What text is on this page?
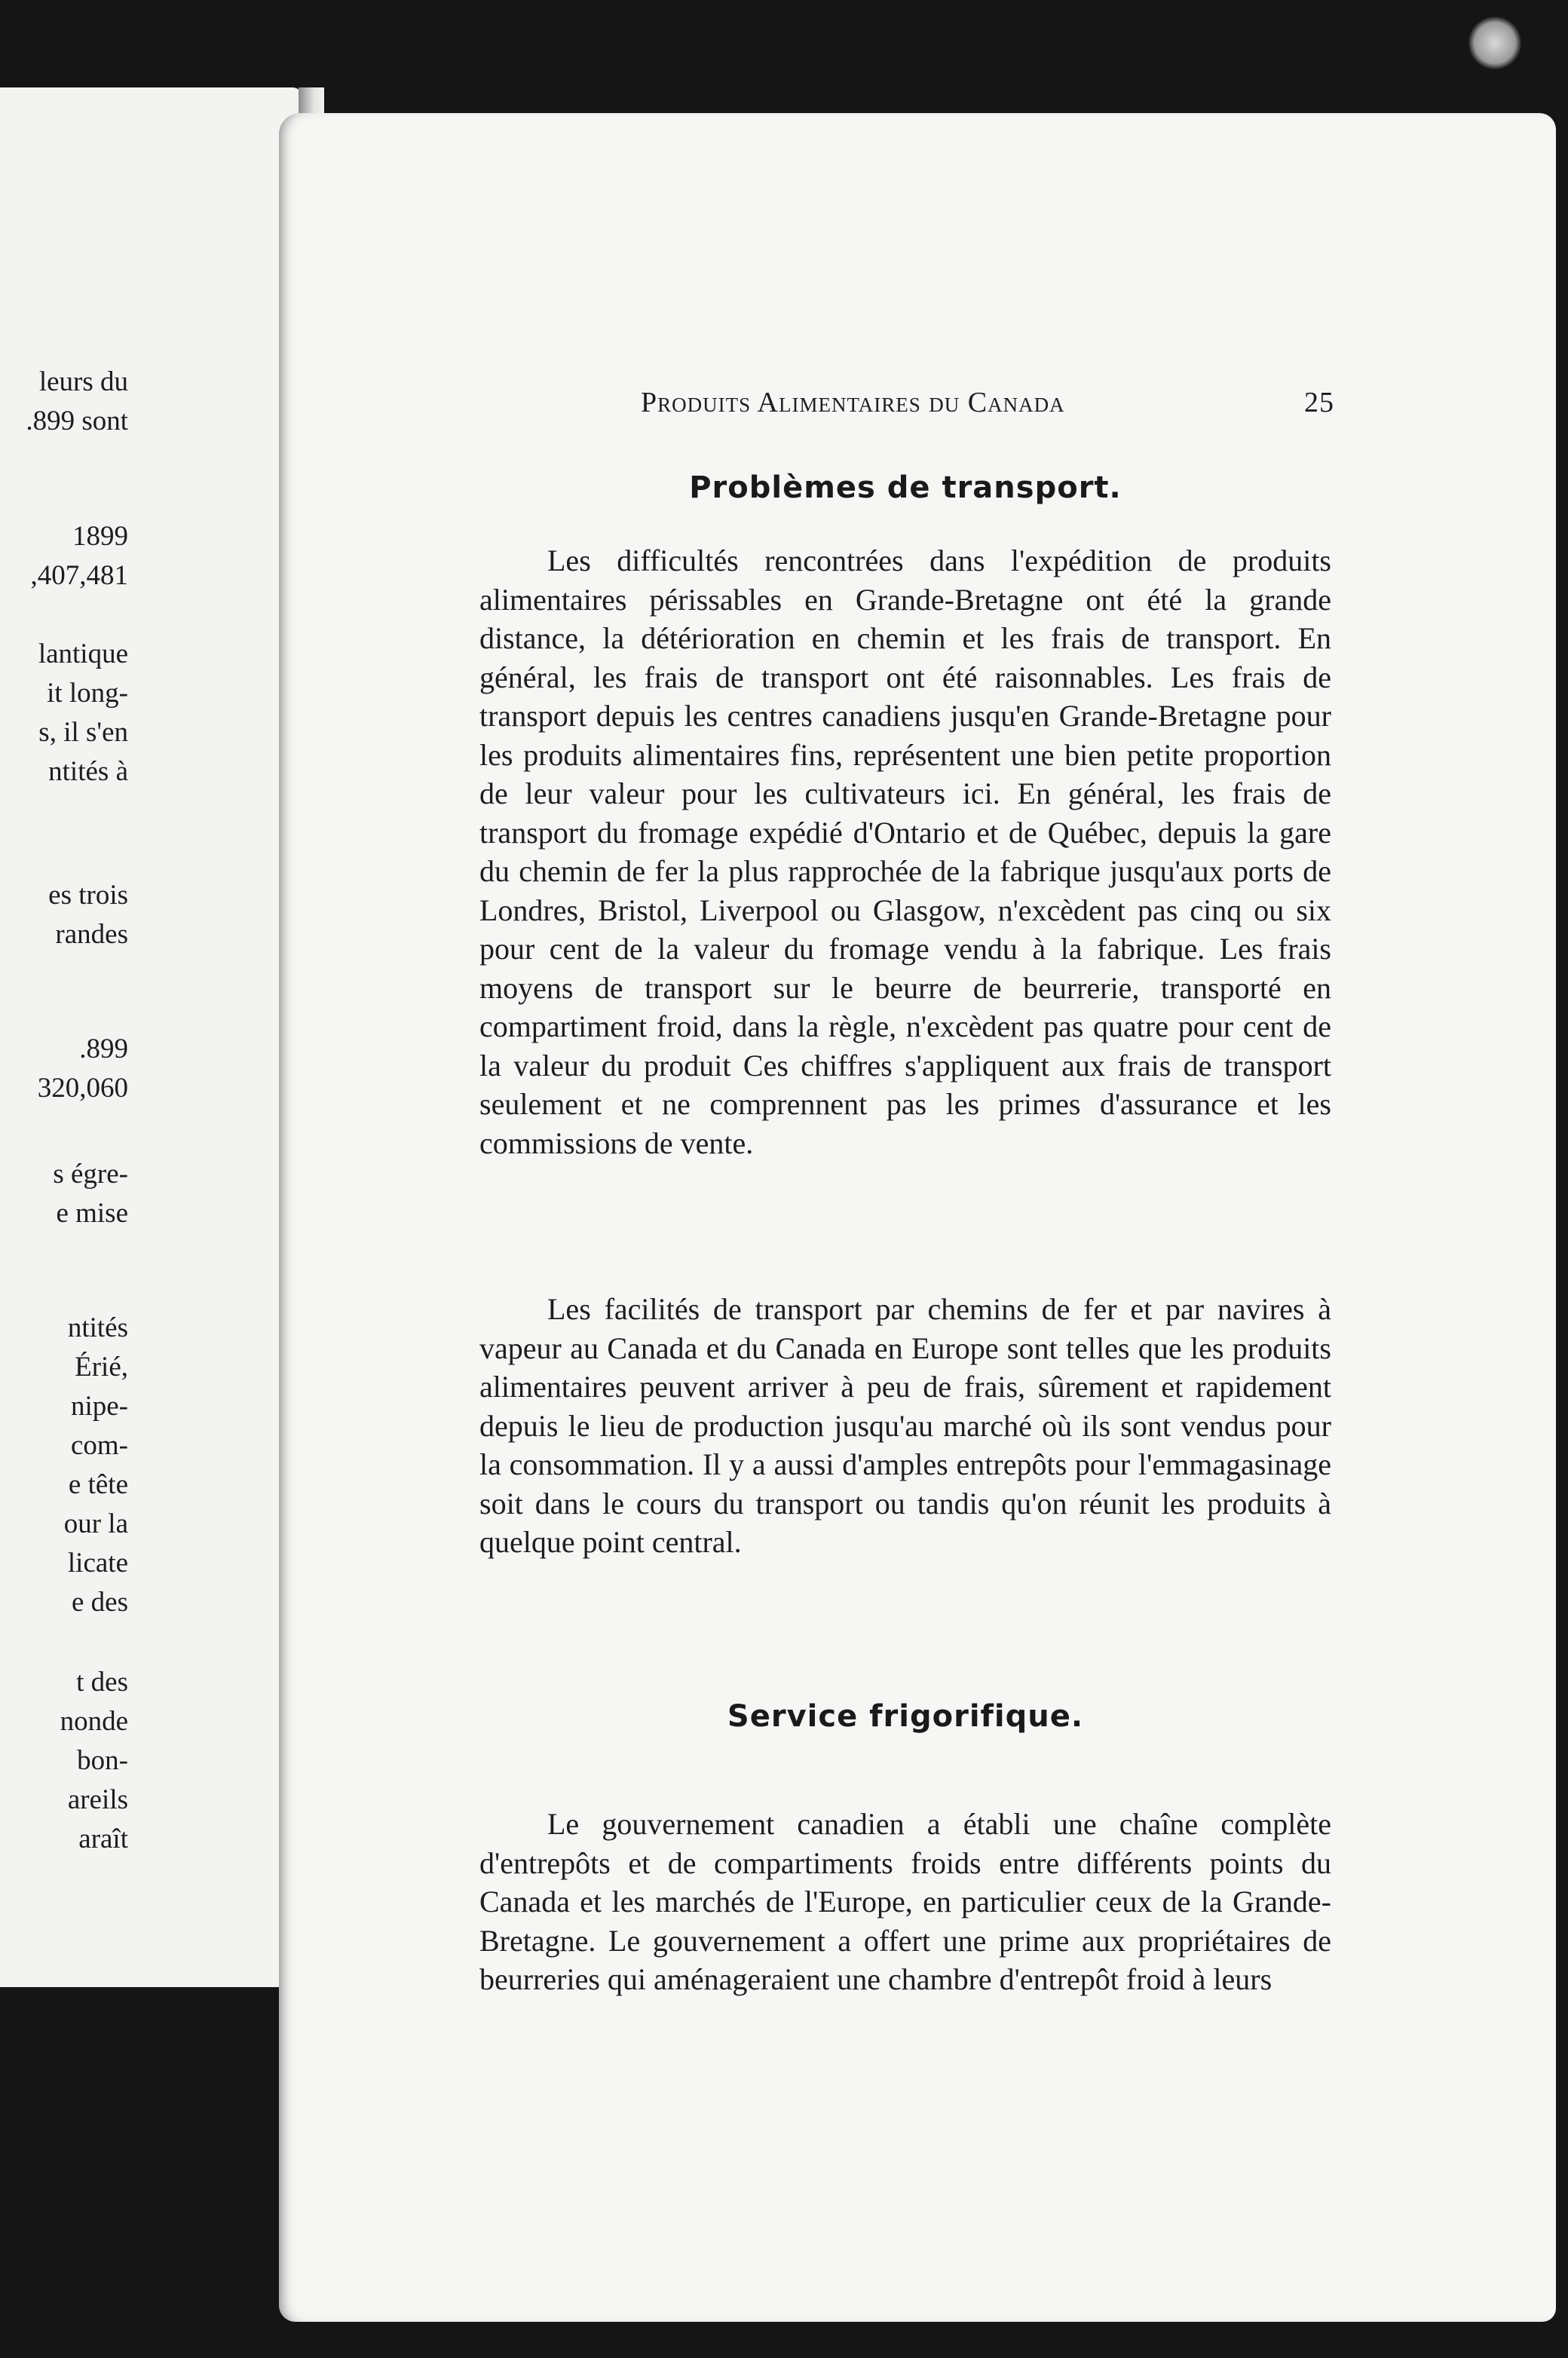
leurs du
.899 sont
1899
,407,481
lantique
it long-
s, il s'en
ntités à
es trois
randes
.899
320,060
s égre-
e mise
ntités
Érié,
nipe-
com-
e tête
our la
licate
e des
t des
nonde
bon-
areils
araît
Produits Alimentaires du Canada	25
Problèmes de transport.

Les difficultés rencontrées dans l'expédition de produits alimentaires périssables en Grande-Bretagne ont été la grande distance, la détérioration en chemin et les frais de transport. En général, les frais de transport ont été raisonnables. Les frais de transport depuis les centres canadiens jusqu'en Grande-Bretagne pour les produits alimentaires fins, représentent une bien petite proportion de leur valeur pour les cultivateurs ici. En général, les frais de transport du fromage expédié d'Ontario et de Québec, depuis la gare du chemin de fer la plus rapprochée de la fabrique jusqu'aux ports de Londres, Bristol, Liverpool ou Glasgow, n'excèdent pas cinq ou six pour cent de la valeur du fromage vendu à la fabrique. Les frais moyens de transport sur le beurre de beurrerie, transporté en compartiment froid, dans la règle, n'excèdent pas quatre pour cent de la valeur du produit Ces chiffres s'appliquent aux frais de transport seulement et ne comprennent pas les primes d'assurance et les commissions de vente.

Les facilités de transport par chemins de fer et par navires à vapeur au Canada et du Canada en Europe sont telles que les produits alimentaires peuvent arriver à peu de frais, sûrement et rapidement depuis le lieu de production jusqu'au marché où ils sont vendus pour la consommation. Il y a aussi d'amples entrepôts pour l'emmagasinage soit dans le cours du transport ou tandis qu'on réunit les produits à quelque point central.

Service frigorifique.

Le gouvernement canadien a établi une chaîne complète d'entrepôts et de compartiments froids entre différents points du Canada et les marchés de l'Europe, en particulier ceux de la Grande-Bretagne. Le gouvernement a offert une prime aux propriétaires de beurreries qui aménageraient une chambre d'entrepôt froid à leurs
